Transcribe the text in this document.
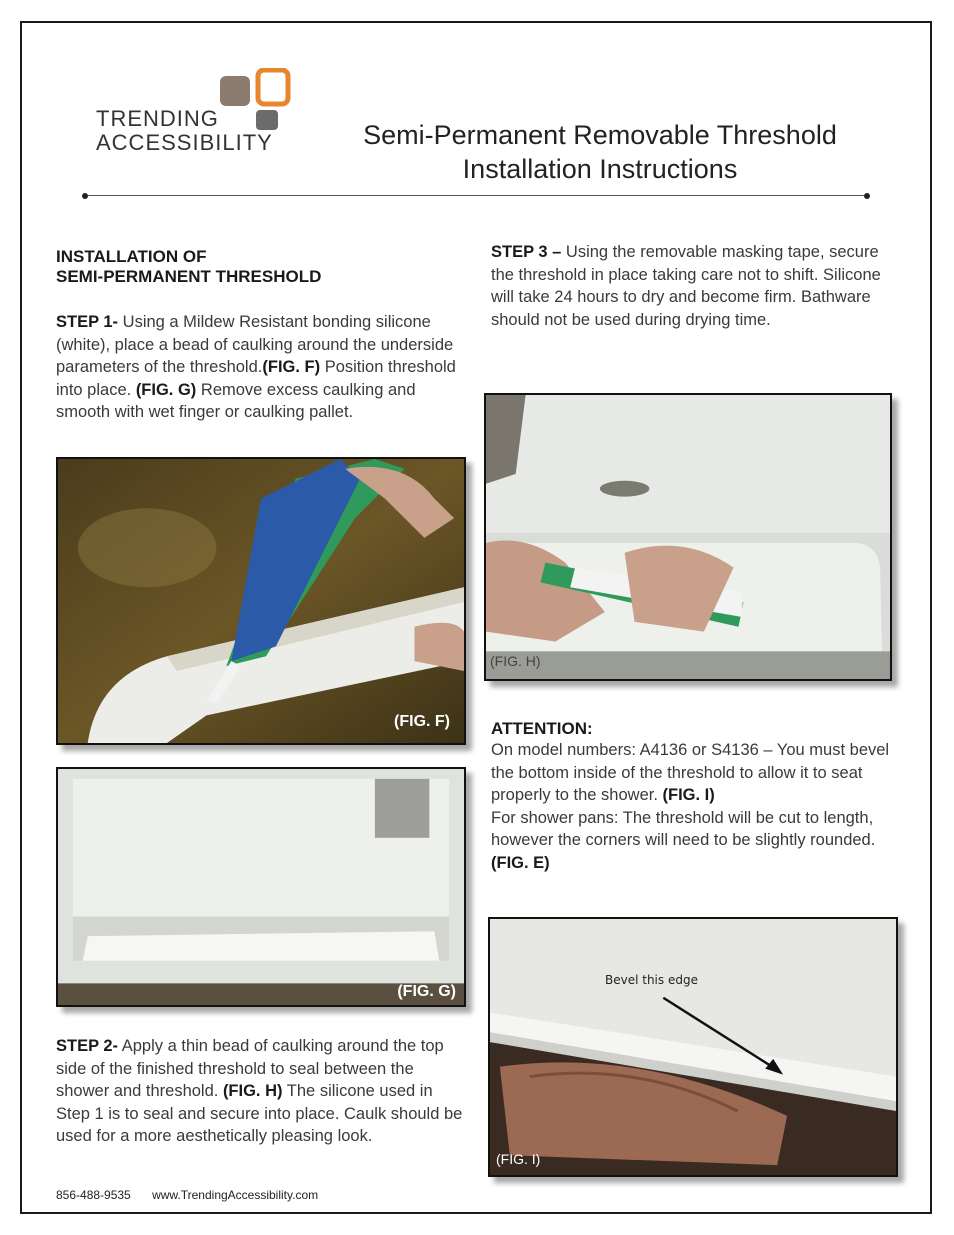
TRENDING
ACCESSIBILITY	Semi-Permanent Removable Threshold
Installation Instructions
INSTALLATION OF
SEMI-PERMANENT THRESHOLD

STEP 1- Using a Mildew Resistant bonding silicone (white), place a bead of caulking around the underside parameters of the threshold.(FIG. F) Position threshold into place. (FIG. G) Remove excess caulking and smooth with wet finger or caulking pallet.

(FIG. F)
(FIG. G)

STEP 2- Apply a thin bead of caulking around the top side of the finished threshold to seal between the shower and threshold. (FIG. H) The silicone used in Step 1 is to seal and secure into place. Caulk should be used for a more aesthetically pleasing look.

STEP 3 – Using the removable masking tape, secure the threshold in place taking care not to shift. Silicone will take 24 hours to dry and become firm. Bathware should not be used during drying time.

(FIG. H)
ATTENTION:

On model numbers: A4136 or S4136 – You must bevel the bottom inside of the threshold to allow it to seat properly to the shower. (FIG. I)
For shower pans: The threshold will be cut to length, however the corners will need to be slightly rounded. (FIG. E)

Bevel this edge
(FIG. I)
856-488-9535 www.TrendingAccessibility.com
